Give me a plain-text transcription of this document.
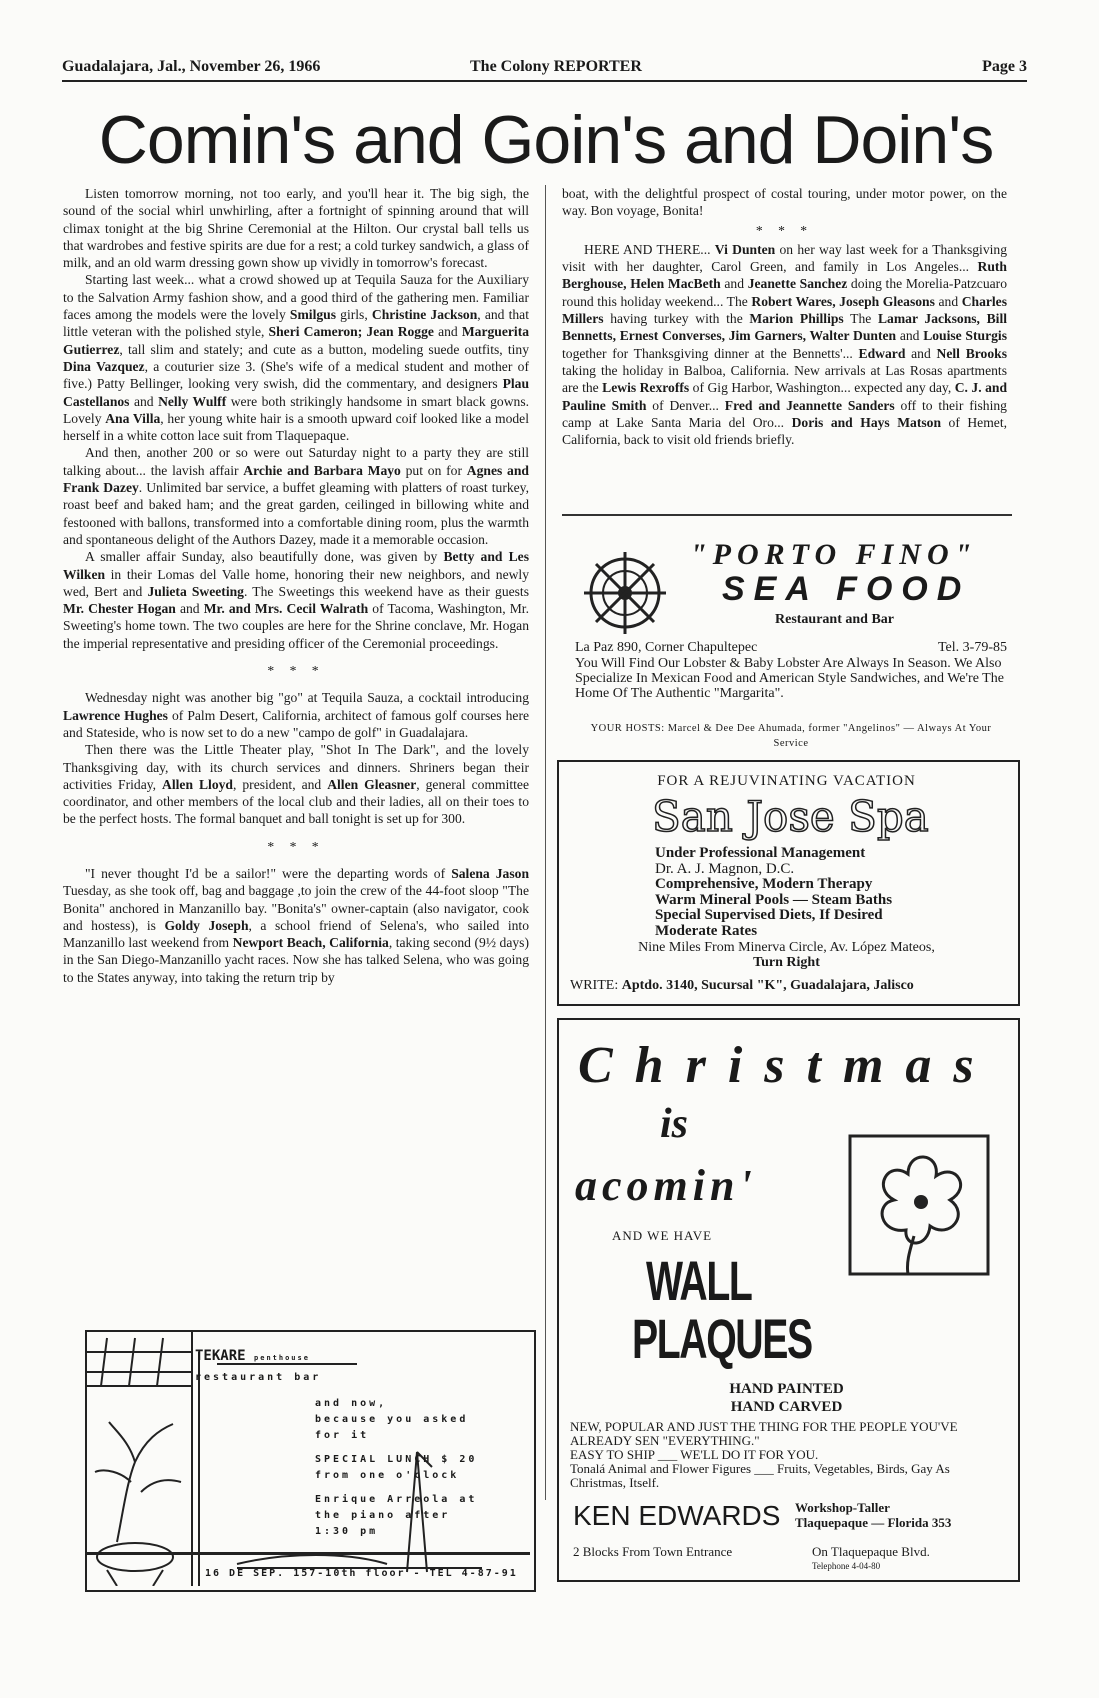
Guadalajara, Jal., November 26, 1966	The Colony REPORTER	Page 3
Comin's and Goin's and Doin's

Listen tomorrow morning, not too early, and you'll hear it. The big sigh, the sound of the social whirl unwhirling, after a fortnight of spinning around that will climax tonight at the big Shrine Ceremonial at the Hilton. Our crystal ball tells us that wardrobes and festive spirits are due for a rest; a cold turkey sandwich, a glass of milk, and an old warm dressing gown show up vividly in tomorrow's forecast.

Starting last week... what a crowd showed up at Tequila Sauza for the Auxiliary to the Salvation Army fashion show, and a good third of the gathering men. Familiar faces among the models were the lovely Smilgus girls, Christine Jackson, and that little veteran with the polished style, Sheri Cameron; Jean Rogge and Marguerita Gutierrez, tall slim and stately; and cute as a button, modeling suede outfits, tiny Dina Vazquez, a couturier size 3. (She's wife of a medical student and mother of five.) Patty Bellinger, looking very swish, did the commentary, and designers Plau Castellanos and Nelly Wulff were both strikingly handsome in smart black gowns. Lovely Ana Villa, her young white hair is a smooth upward coif looked like a model herself in a white cotton lace suit from Tlaquepaque.

And then, another 200 or so were out Saturday night to a party they are still talking about... the lavish affair Archie and Barbara Mayo put on for Agnes and Frank Dazey. Unlimited bar service, a buffet gleaming with platters of roast turkey, roast beef and baked ham; and the great garden, ceilinged in billowing white and festooned with ballons, transformed into a comfortable dining room, plus the warmth and spontaneous delight of the Authors Dazey, made it a memorable occasion.

A smaller affair Sunday, also beautifully done, was given by Betty and Les Wilken in their Lomas del Valle home, honoring their new neighbors, and newly wed, Bert and Julieta Sweeting. The Sweetings this weekend have as their guests Mr. Chester Hogan and Mr. and Mrs. Cecil Walrath of Tacoma, Washington, Mr. Sweeting's home town. The two couples are here for the Shrine conclave, Mr. Hogan the imperial representative and presiding officer of the Ceremonial proceedings.

* * *

Wednesday night was another big "go" at Tequila Sauza, a cocktail introducing Lawrence Hughes of Palm Desert, California, architect of famous golf courses here and Stateside, who is now set to do a new "campo de golf" in Guadalajara.

Then there was the Little Theater play, "Shot In The Dark", and the lovely Thanksgiving day, with its church services and dinners. Shriners began their activities Friday, Allen Lloyd, president, and Allen Gleasner, general committee coordinator, and other members of the local club and their ladies, all on their toes to be the perfect hosts. The formal banquet and ball tonight is set up for 300.

* * *

"I never thought I'd be a sailor!" were the departing words of Salena Jason Tuesday, as she took off, bag and baggage ,to join the crew of the 44-foot sloop "The Bonita" anchored in Manzanillo bay. "Bonita's" owner-captain (also navigator, cook and hostess), is Goldy Joseph, a school friend of Selena's, who sailed into Manzanillo last weekend from Newport Beach, California, taking second (9½ days) in the San Diego-Manzanillo yacht races. Now she has talked Selena, who was going to the States anyway, into taking the return trip by

boat, with the delightful prospect of costal touring, under motor power, on the way. Bon voyage, Bonita!

* * *

HERE AND THERE... Vi Dunten on her way last week for a Thanksgiving visit with her daughter, Carol Green, and family in Los Angeles... Ruth Berghouse, Helen MacBeth and Jeanette Sanchez doing the Morelia-Patzcuaro round this holiday weekend... The Robert Wares, Joseph Gleasons and Charles Millers having turkey with the Marion Phillips The Lamar Jacksons, Bill Bennetts, Ernest Converses, Jim Garners, Walter Dunten and Louise Sturgis together for Thanksgiving dinner at the Bennetts'... Edward and Nell Brooks taking the holiday in Balboa, California. New arrivals at Las Rosas apartments are the Lewis Rexroffs of Gig Harbor, Washington... expected any day, C. J. and Pauline Smith of Denver... Fred and Jeannette Sanders off to their fishing camp at Lake Santa Maria del Oro... Doris and Hays Matson of Hemet, California, back to visit old friends briefly.

"PORTO FINO"
SEA FOOD
Restaurant and Bar
La Paz 890, Corner Chapultepec	Tel. 3-79-85
You Will Find Our Lobster & Baby Lobster Are Always In Season. We Also Specialize In Mexican Food and American Style Sandwiches, and We're The Home Of The Authentic "Margarita".
YOUR HOSTS: Marcel & Dee Dee Ahumada, former "Angelinos" — Always At Your Service
FOR A REJUVINATING VACATION
San Jose Spa
Under Professional Management
Dr. A. J. Magnon, D.C.
Comprehensive, Modern Therapy
Warm Mineral Pools — Steam Baths
Special Supervised Diets, If Desired
Moderate Rates
Nine Miles From Minerva Circle, Av. López Mateos,
Turn Right
WRITE: Aptdo. 3140, Sucursal "K", Guadalajara, Jalisco
Christmas
is
acomin'
AND WE HAVE
WALL
PLAQUES
HAND PAINTED
HAND CARVED
NEW, POPULAR AND JUST THE THING FOR THE PEOPLE YOU'VE ALREADY SEN "EVERYTHING."
EASY TO SHIP ___ WE'LL DO IT FOR YOU.
Tonalá Animal and Flower Figures ___ Fruits, Vegetables, Birds, Gay As Christmas, Itself.
KEN EDWARDS Workshop-Taller
Tlaquepaque — Florida 353
2 Blocks From Town Entrance	On Tlaquepaque Blvd.
Telephone 4-04-80
TEKARE penthouse
restaurant bar
and now,
because you asked
for it
SPECIAL LUNCH $ 20
from one o'clock
Enrique Arreola at
the piano after
1:30 pm
16 DE SEP. 157-10th floor - TEL 4-87-91
